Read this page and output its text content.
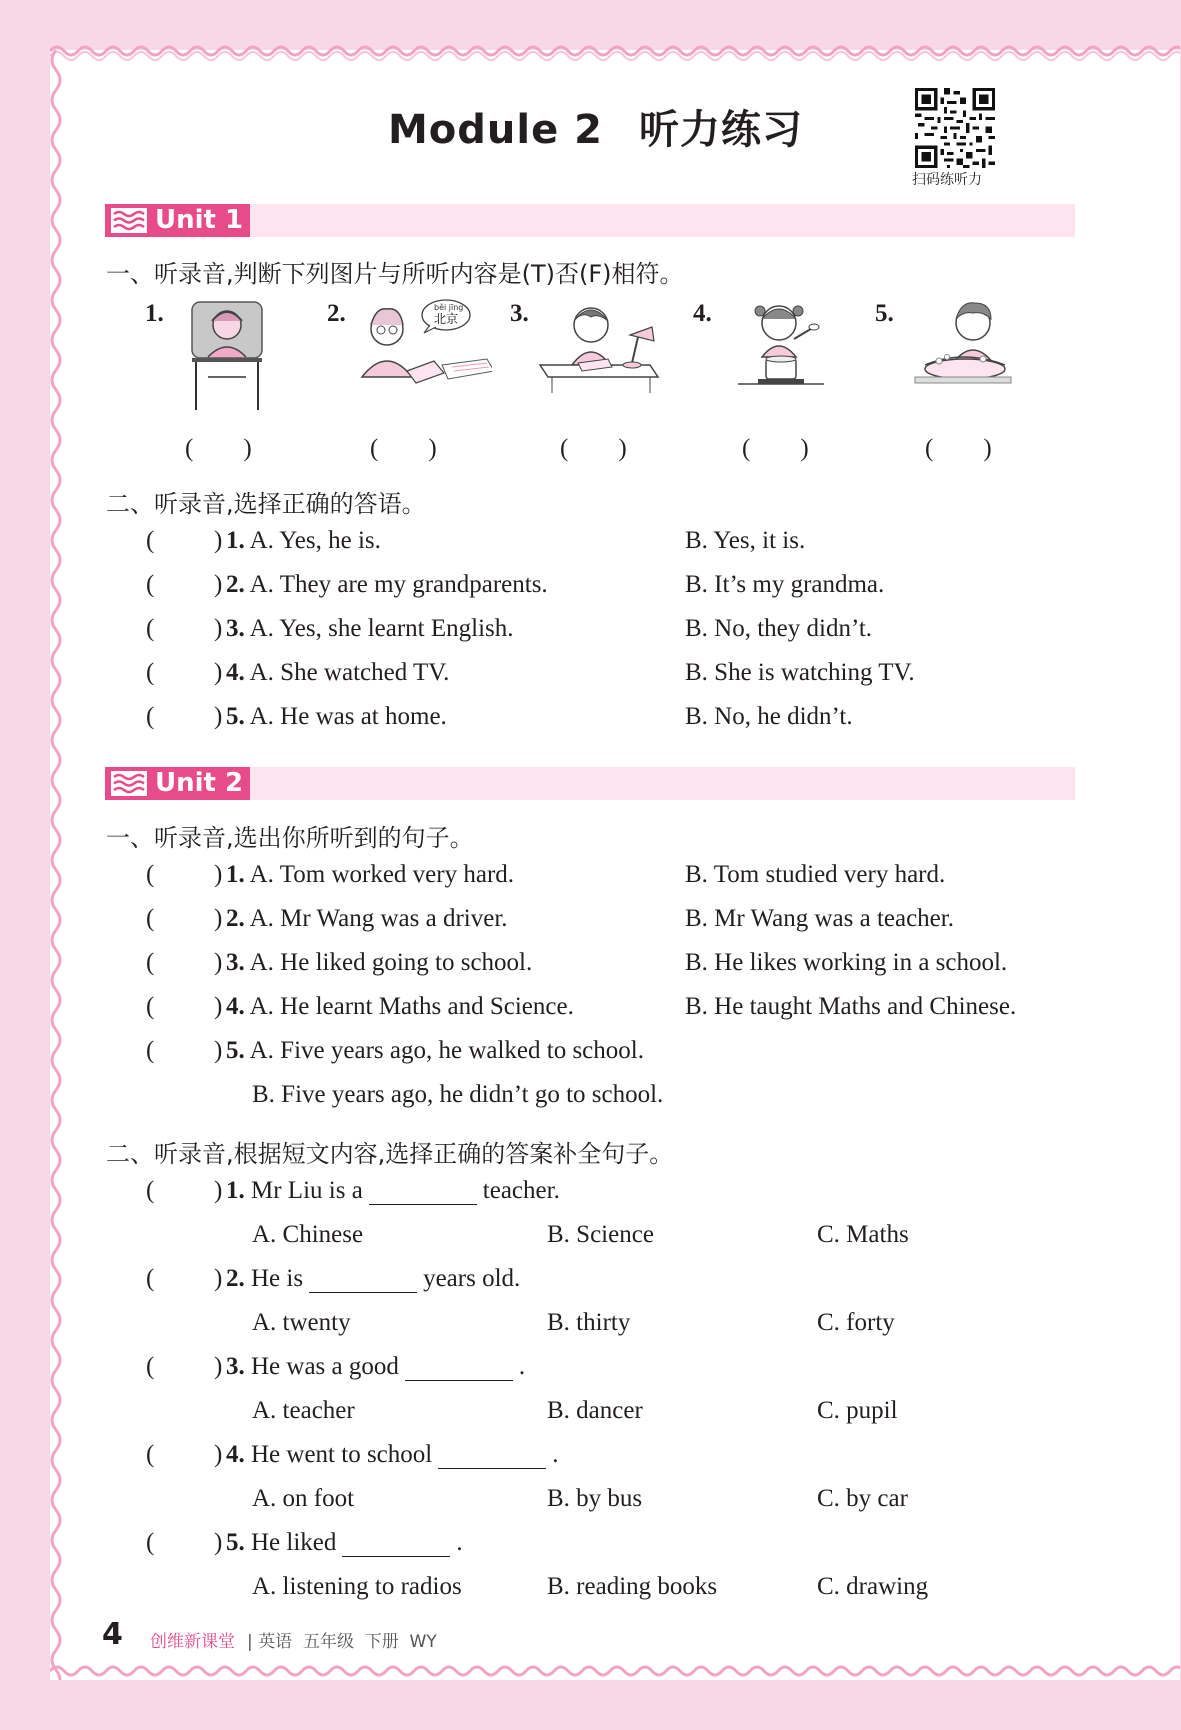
Module 2 听力练习
扫码练听力
Unit 1
一、听录音,判断下列图片与所听内容是(T)否(F)相符。
1.
(　　)
2.	běi jīng
北京
(　　)
3.
(　　)
4.
(　　)
5.
(　　)
二、听录音,选择正确的答语。
( ) 1. A. Yes, he is.	B. Yes, it is.
( ) 2. A. They are my grandparents.	B. It’s my grandma.
( ) 3. A. Yes, she learnt English.	B. No, they didn’t.
( ) 4. A. She watched TV.	B. She is watching TV.
( ) 5. A. He was at home.	B. No, he didn’t.
Unit 2
一、听录音,选出你所听到的句子。
( ) 1. A. Tom worked very hard.	B. Tom studied very hard.
( ) 2. A. Mr Wang was a driver.	B. Mr Wang was a teacher.
( ) 3. A. He liked going to school.	B. He likes working in a school.
( ) 4. A. He learnt Maths and Science.	B. He taught Maths and Chinese.
( ) 5. A. Five years ago, he walked to school.
B. Five years ago, he didn’t go to school.
二、听录音,根据短文内容,选择正确的答案补全句子。
( ) 1. Mr Liu is a	teacher.
A. Chinese	B. Science	C. Maths
( ) 2. He is	years old.
A. twenty	B. thirty	C. forty
( ) 3. He was a good	.
A. teacher	B. dancer	C. pupil
( ) 4. He went to school	.
A. on foot	B. by bus	C. by car
( ) 5. He liked	.
A. listening to radios	B. reading books	C. drawing
4 创维新课堂 | 英语  五年级  下册  WY
